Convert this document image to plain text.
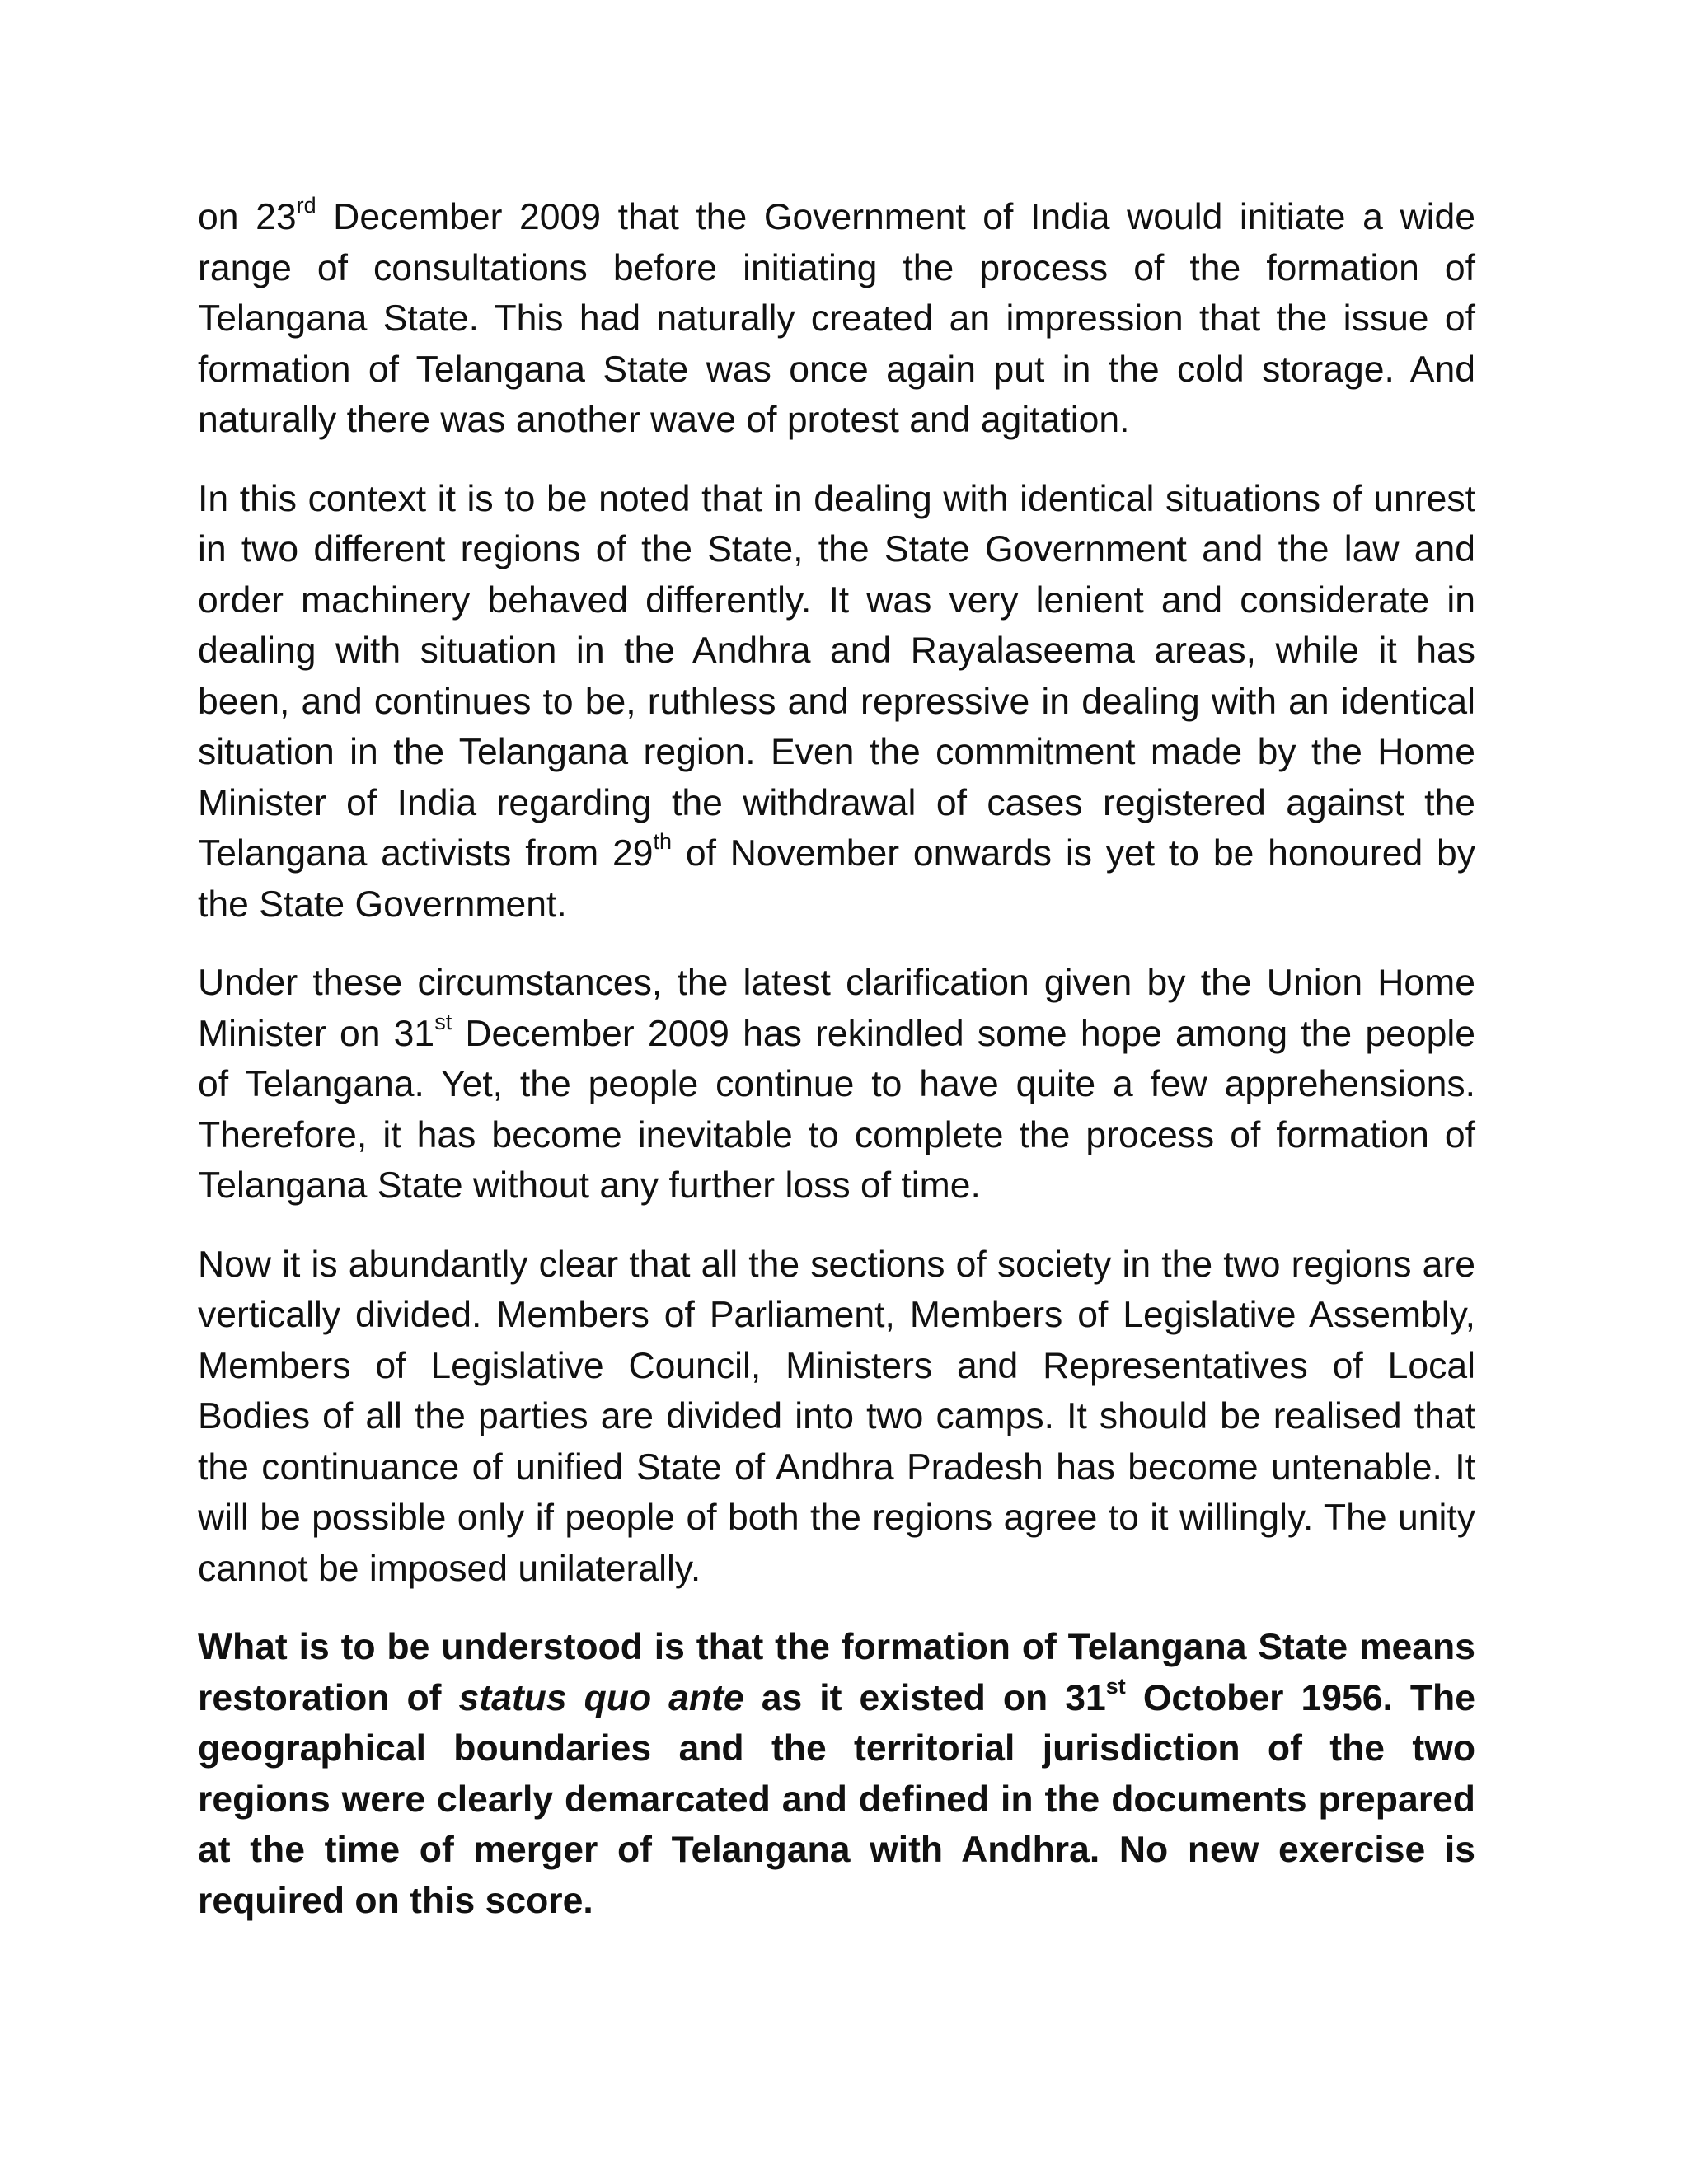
on 23rd December 2009 that the Government of India would initiate a wide range of consultations before initiating the process of the formation of Telangana State. This had naturally created an impression that the issue of formation of Telangana State was once again put in the cold storage. And naturally there was another wave of protest and agitation.

In this context it is to be noted that in dealing with identical situations of unrest in two different regions of the State, the State Government and the law and order machinery behaved differently. It was very lenient and considerate in dealing with situation in the Andhra and Rayalaseema areas, while it has been, and continues to be, ruthless and repressive in dealing with an identical situation in the Telangana region. Even the commitment made by the Home Minister of India regarding the withdrawal of cases registered against the Telangana activists from 29th of November onwards is yet to be honoured by the State Government.

Under these circumstances, the latest clarification given by the Union Home Minister on 31st December 2009 has rekindled some hope among the people of Telangana. Yet, the people continue to have quite a few apprehensions. Therefore, it has become inevitable to complete the process of formation of Telangana State without any further loss of time.

Now it is abundantly clear that all the sections of society in the two regions are vertically divided. Members of Parliament, Members of Legislative Assembly, Members of Legislative Council, Ministers and Representatives of Local Bodies of all the parties are divided into two camps. It should be realised that the continuance of unified State of Andhra Pradesh has become untenable. It will be possible only if people of both the regions agree to it willingly. The unity cannot be imposed unilaterally.

What is to be understood is that the formation of Telangana State means restoration of status quo ante as it existed on 31st October 1956. The geographical boundaries and the territorial jurisdiction of the two regions were clearly demarcated and defined in the documents prepared at the time of merger of Telangana with Andhra. No new exercise is required on this score.
